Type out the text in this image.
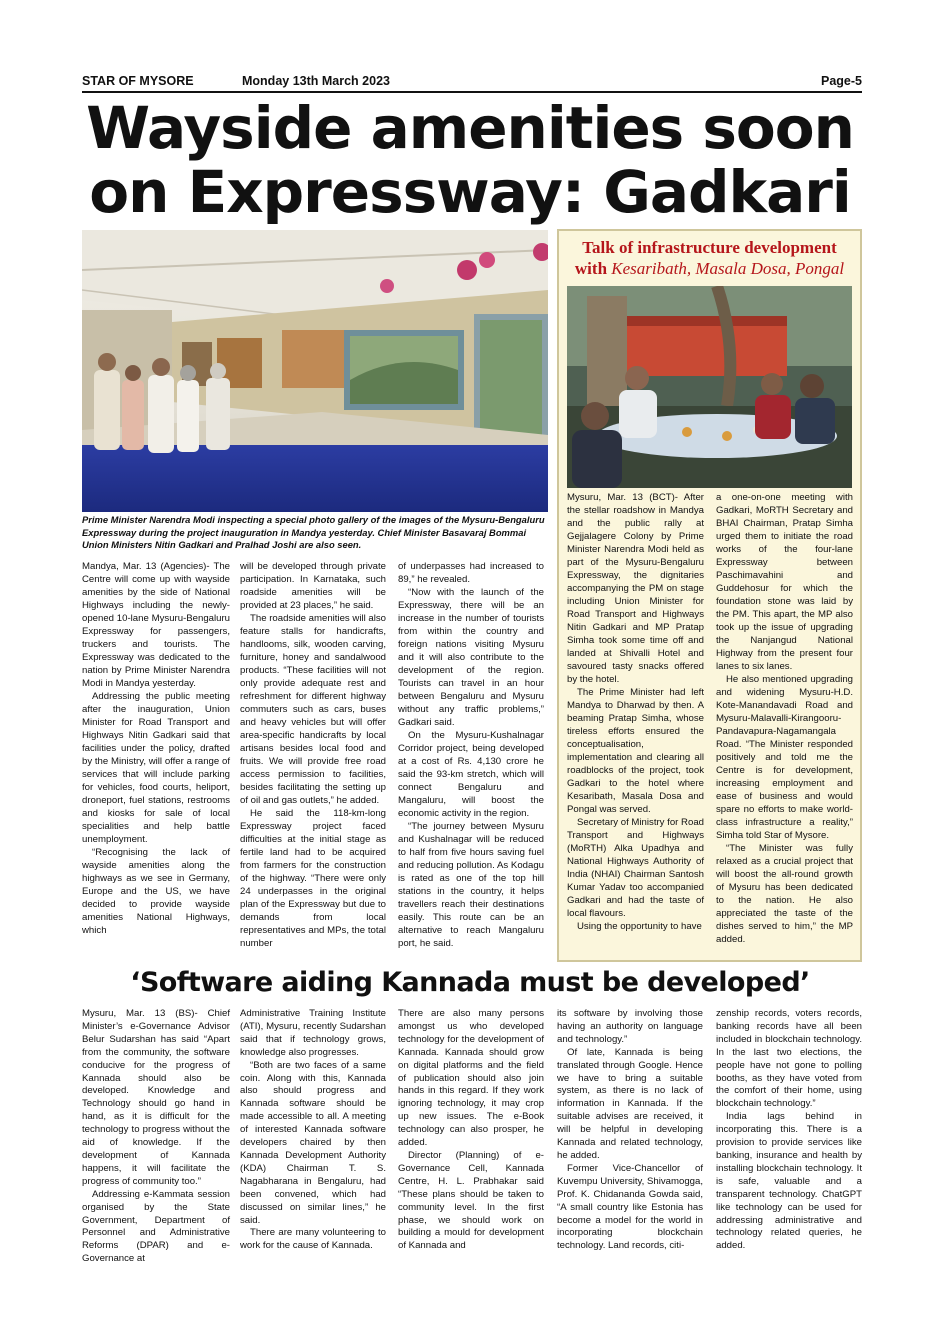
STAR OF MYSORE	Monday 13th March 2023	Page-5
Wayside amenities soon
on Expressway: Gadkari
Prime Minister Narendra Modi inspecting a special photo gallery of the images of the Mysuru-Bengaluru Expressway during the project inauguration in Mandya yesterday. Chief Minister Basavaraj Bommai Union Ministers Nitin Gadkari and Pralhad Joshi are also seen.

Mandya, Mar. 13 (Agencies)- The Centre will come up with wayside amenities by the side of National Highways including the newly-opened 10-lane Mysuru-Bengaluru Expressway for passengers, truckers and tourists. The Expressway was dedicated to the nation by Prime Minister Narendra Modi in Mandya yesterday.

Addressing the public meeting after the inauguration, Union Minister for Road Transport and Highways Nitin Gadkari said that facilities under the policy, drafted by the Ministry, will offer a range of services that will include parking for vehicles, food courts, heliport, droneport, fuel stations, restrooms and kiosks for sale of local specialities and help battle unemployment.

“Recognising the lack of wayside amenities along the highways as we see in Germany, Europe and the US, we have decided to provide wayside amenities National Highways, which

will be developed through private participation. In Karnataka, such roadside amenities will be provided at 23 places,” he said.

The roadside amenities will also feature stalls for handicrafts, handlooms, silk, wooden carving, furniture, honey and sandalwood products. “These facilities will not only provide adequate rest and refreshment for different highway commuters such as cars, buses and heavy vehicles but will offer area-specific handicrafts by local artisans besides local food and fruits. We will provide free road access permission to facilities, besides facilitating the setting up of oil and gas outlets,” he added.

He said the 118-km-long Expressway project faced difficulties at the initial stage as fertile land had to be acquired from farmers for the construction of the highway. “There were only 24 underpasses in the original plan of the Expressway but due to demands from local representatives and MPs, the total number

of underpasses had increased to 89,” he revealed.

“Now with the launch of the Expressway, there will be an increase in the number of tourists from within the country and foreign nations visiting Mysuru and it will also contribute to the development of the region. Tourists can travel in an hour between Bengaluru and Mysuru without any traffic problems,” Gadkari said.

On the Mysuru-Kushalnagar Corridor project, being developed at a cost of Rs. 4,130 crore he said the 93-km stretch, which will connect Bengaluru and Mangaluru, will boost the economic activity in the region.

“The journey between Mysuru and Kushalnagar will be reduced to half from five hours saving fuel and reducing pollution. As Kodagu is rated as one of the top hill stations in the country, it helps travellers reach their destinations easily. This route can be an alternative to reach Mangaluru port, he said.

Talk of infrastructure development
with Kesaribath, Masala Dosa, Pongal

Mysuru, Mar. 13 (BCT)- After the stellar roadshow in Mandya and the public rally at Gejjalagere Colony by Prime Minister Narendra Modi held as part of the Mysuru-Bengaluru Expressway, the dignitaries accompanying the PM on stage including Union Minister for Road Transport and Highways Nitin Gadkari and MP Pratap Simha took some time off and landed at Shivalli Hotel and savoured tasty snacks offered by the hotel.

The Prime Minister had left Mandya to Dharwad by then. A beaming Pratap Simha, whose tireless efforts ensured the conceptualisation, implementation and clearing all roadblocks of the project, took Gadkari to the hotel where Kesaribath, Masala Dosa and Pongal was served.

Secretary of Ministry for Road Transport and Highways (MoRTH) Alka Upadhya and National Highways Authority of India (NHAI) Chairman Santosh Kumar Yadav too accompanied Gadkari and had the taste of local flavours.

Using the opportunity to have

a one-on-one meeting with Gadkari, MoRTH Secretary and BHAI Chairman, Pratap Simha urged them to initiate the road works of the four-lane Expressway between Paschimavahini and Guddehosur for which the foundation stone was laid by the PM. This apart, the MP also took up the issue of upgrading the Nanjangud National Highway from the present four lanes to six lanes.

He also mentioned upgrading and widening Mysuru-H.D. Kote-Manandavadi Road and Mysuru-Malavalli-Kirangooru-Pandavapura-Nagamangala Road. “The Minister responded positively and told me the Centre is for development, increasing employment and ease of business and would spare no efforts to make world-class infrastructure a reality,” Simha told Star of Mysore.

“The Minister was fully relaxed as a crucial project that will boost the all-round growth of Mysuru has been dedicated to the nation. He also appreciated the taste of the dishes served to him,” the MP added.

‘Software aiding Kannada must be developed’

Mysuru, Mar. 13 (BS)- Chief Minister’s e-Governance Advisor Belur Sudarshan has said “Apart from the community, the software conducive for the progress of Kannada should also be developed. Knowledge and Technology should go hand in hand, as it is difficult for the technology to progress without the aid of knowledge. If the development of Kannada happens, it will facilitate the progress of community too.”

Addressing e-Kammata session organised by the State Government, Department of Personnel and Administrative Reforms (DPAR) and e-Governance at

Administrative Training Institute (ATI), Mysuru, recently Sudarshan said that if technology grows, knowledge also progresses.

“Both are two faces of a same coin. Along with this, Kannada also should progress and Kannada software should be made accessible to all. A meeting of interested Kannada software developers chaired by then Kannada Development Authority (KDA) Chairman T. S. Nagabharana in Bengaluru, had been convened, which had discussed on similar lines,” he said.

There are many volunteering to work for the cause of Kannada.

There are also many persons amongst us who developed technology for the development of Kannada. Kannada should grow on digital platforms and the field of publication should also join hands in this regard. If they work ignoring technology, it may crop up new issues. The e-Book technology can also prosper, he added.

Director (Planning) of e-Governance Cell, Kannada Centre, H. L. Prabhakar said “These plans should be taken to community level. In the first phase, we should work on building a mould for development of Kannada and

its software by involving those having an authority on language and technology.”

Of late, Kannada is being translated through Google. Hence we have to bring a suitable system, as there is no lack of information in Kannada. If the suitable advises are received, it will be helpful in developing Kannada and related technology, he added.

Former Vice-Chancellor of Kuvempu University, Shivamogga, Prof. K. Chidananda Gowda said, “A small country like Estonia has become a model for the world in incorporating blockchain technology. Land records, citi-

zenship records, voters records, banking records have all been included in blockchain technology. In the last two elections, the people have not gone to polling booths, as they have voted from the comfort of their home, using blockchain technology.”

India lags behind in incorporating this. There is a provision to provide services like banking, insurance and health by installing blockchain technology. It is safe, valuable and a transparent technology. ChatGPT like technology can be used for addressing administrative and technology related queries, he added.
